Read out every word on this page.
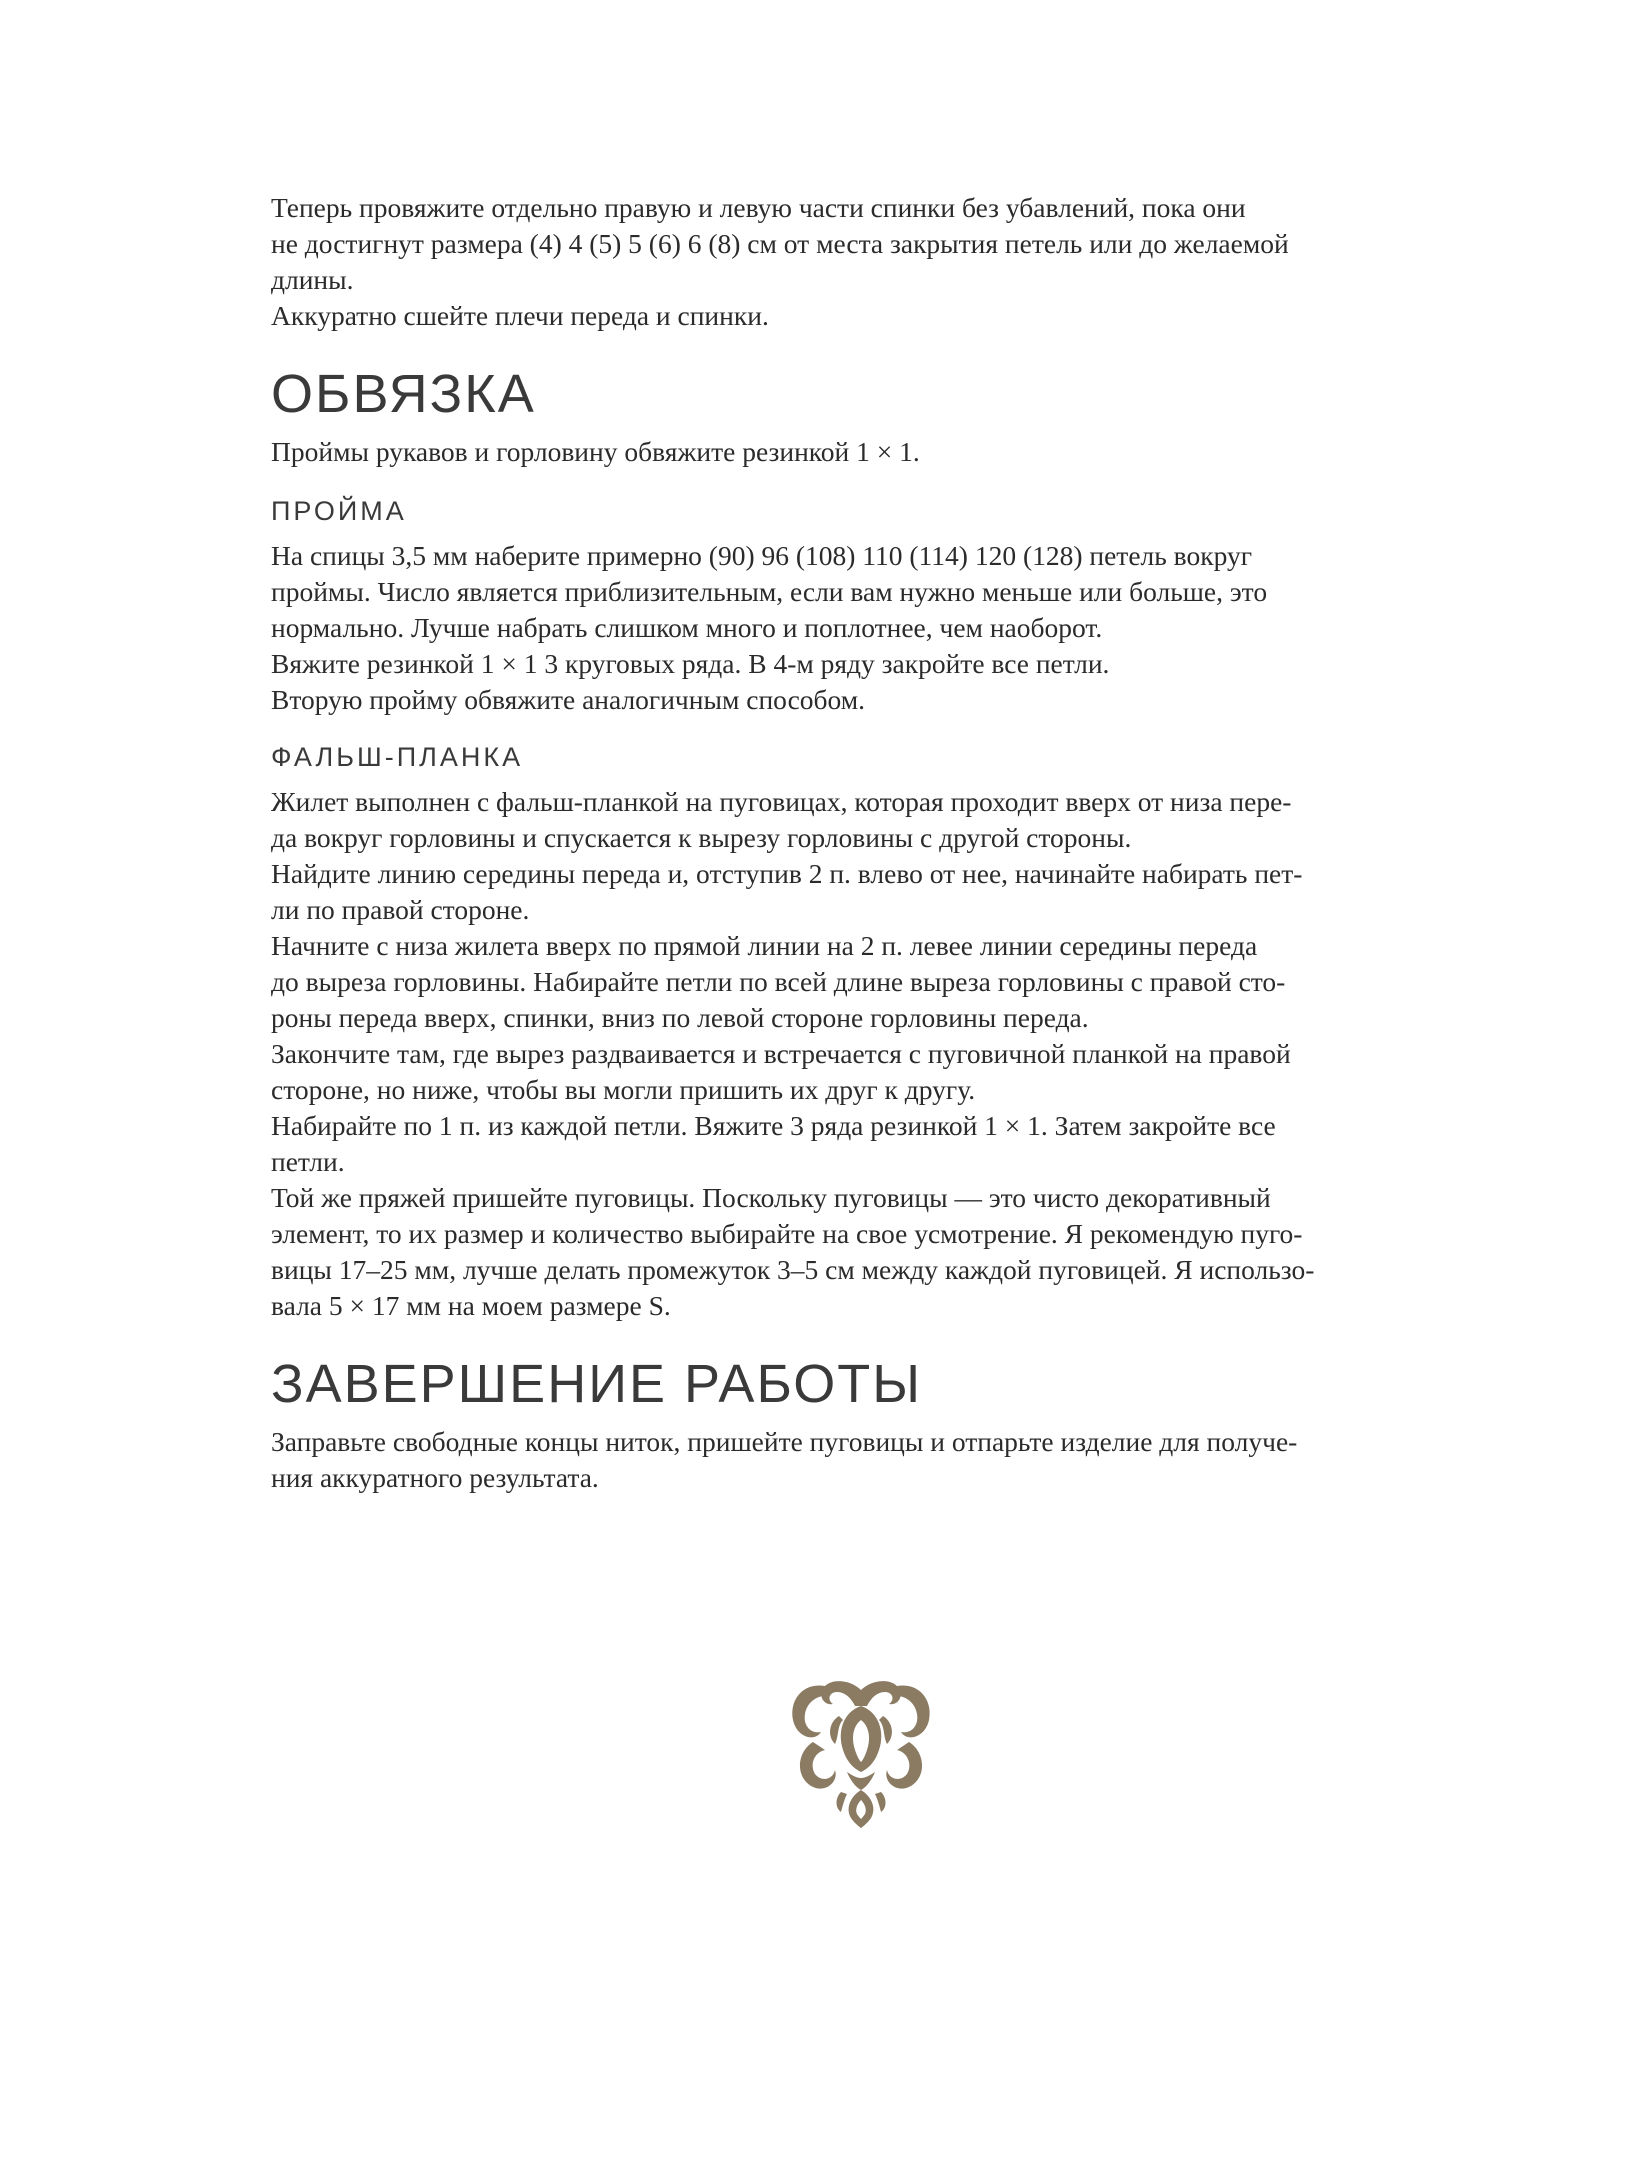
Теперь провяжите отдельно правую и левую части спинки без убавлений, пока они
не достигнут размера (4) 4 (5) 5 (6) 6 (8) см от места закрытия петель или до желаемой
длины.
Аккуратно сшейте плечи переда и спинки.

ОБВЯЗКА

Проймы рукавов и горловину обвяжите резинкой 1 × 1.

ПРОЙМА

На спицы 3,5 мм наберите примерно (90) 96 (108) 110 (114) 120 (128) петель вокруг
проймы. Число является приблизительным, если вам нужно меньше или больше, это
нормально. Лучше набрать слишком много и поплотнее, чем наоборот.
Вяжите резинкой 1 × 1 3 круговых ряда. В 4-м ряду закройте все петли.
Вторую пройму обвяжите аналогичным способом.

ФАЛЬШ-ПЛАНКА

Жилет выполнен с фальш-планкой на пуговицах, которая проходит вверх от низа пере-
да вокруг горловины и спускается к вырезу горловины с другой стороны.
Найдите линию середины переда и, отступив 2 п. влево от нее, начинайте набирать пет-
ли по правой стороне.
Начните с низа жилета вверх по прямой линии на 2 п. левее линии середины переда
до выреза горловины. Набирайте петли по всей длине выреза горловины с правой сто-
роны переда вверх, спинки, вниз по левой стороне горловины переда.
Закончите там, где вырез раздваивается и встречается с пуговичной планкой на правой
стороне, но ниже, чтобы вы могли пришить их друг к другу.
Набирайте по 1 п. из каждой петли. Вяжите 3 ряда резинкой 1 × 1. Затем закройте все
петли.
Той же пряжей пришейте пуговицы. Поскольку пуговицы — это чисто декоративный
элемент, то их размер и количество выбирайте на свое усмотрение. Я рекомендую пуго-
вицы 17–25 мм, лучше делать промежуток 3–5 см между каждой пуговицей. Я использо-
вала 5 × 17 мм на моем размере S.

ЗАВЕРШЕНИЕ РАБОТЫ

Заправьте свободные концы ниток, пришейте пуговицы и отпарьте изделие для получе-
ния аккуратного результата.
